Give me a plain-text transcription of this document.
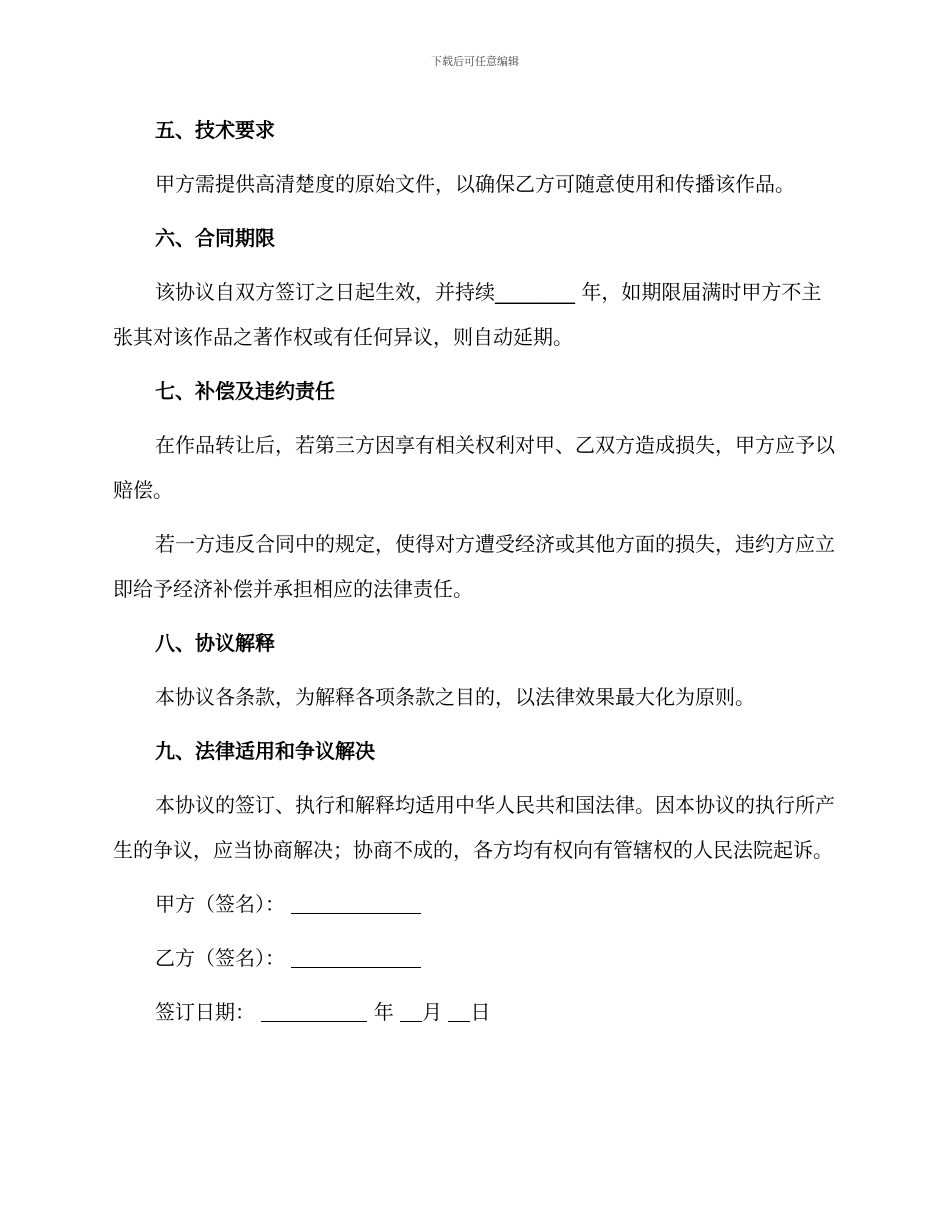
下载后可任意编辑

五、技术要求

甲方需提供高清楚度的原始文件，以确保乙方可随意使用和传播该作品。

六、合同期限

该协议自双方签订之日起生效，并持续________ 年，如期限届满时甲方不主张其对该作品之著作权或有任何异议，则自动延期。

七、补偿及违约责任

在作品转让后，若第三方因享有相关权利对甲、乙双方造成损失，甲方应予以赔偿。

若一方违反合同中的规定，使得对方遭受经济或其他方面的损失，违约方应立即给予经济补偿并承担相应的法律责任。

八、协议解释

本协议各条款，为解释各项条款之目的，以法律效果最大化为原则。

九、法律适用和争议解决

本协议的签订、执行和解释均适用中华人民共和国法律。因本协议的执行所产生的争议，应当协商解决；协商不成的，各方均有权向有管辖权的人民法院起诉。

甲方（签名）：
乙方（签名）：
签订日期：	年 月 日
